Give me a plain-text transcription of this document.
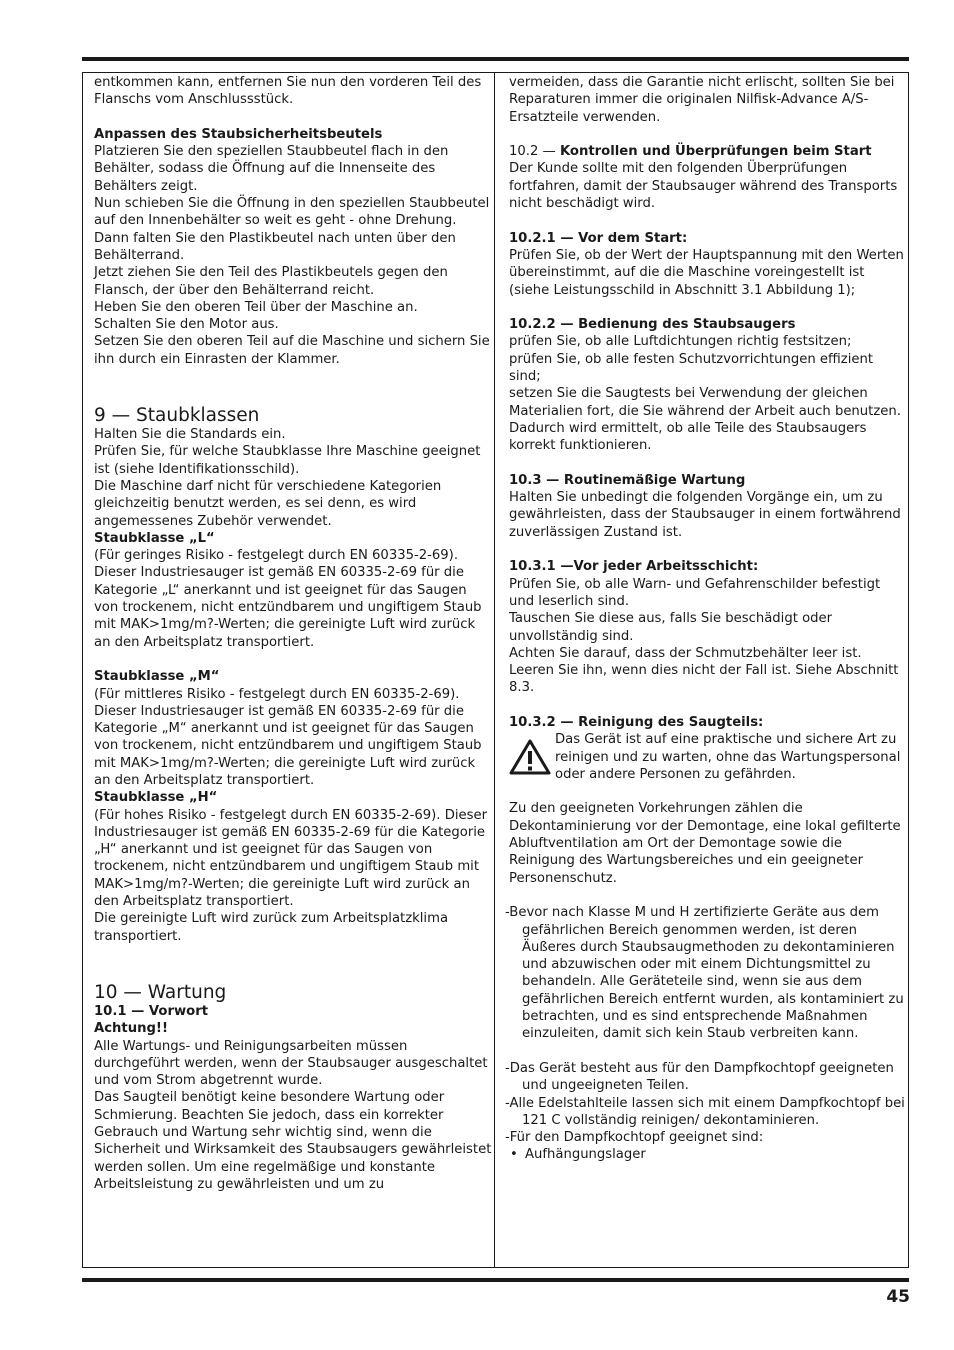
entkommen kann, entfernen Sie nun den vorderen Teil des Flanschs vom Anschlussstück.

Anpassen des Staubsicherheitsbeutels

Platzieren Sie den speziellen Staubbeutel flach in den Behälter, sodass die Öffnung auf die Innenseite des Behälters zeigt.

Nun schieben Sie die Öffnung in den speziellen Staubbeutel auf den Innenbehälter so weit es geht - ohne Drehung.

Dann falten Sie den Plastikbeutel nach unten über den Behälterrand.

Jetzt ziehen Sie den Teil des Plastikbeutels gegen den Flansch, der über den Behälterrand reicht.

Heben Sie den oberen Teil über der Maschine an.

Schalten Sie den Motor aus.

Setzen Sie den oberen Teil auf die Maschine und sichern Sie ihn durch ein Einrasten der Klammer.

9 — Staubklassen

Halten Sie die Standards ein.

Prüfen Sie, für welche Staubklasse Ihre Maschine geeignet ist (siehe Identifikationsschild).

Die Maschine darf nicht für verschiedene Kategorien gleichzeitig benutzt werden, es sei denn, es wird angemessenes Zubehör verwendet.

Staubklasse „L“

(Für geringes Risiko - festgelegt durch EN 60335-2-69). Dieser Industriesauger ist gemäß EN 60335-2-69 für die Kategorie „L“ anerkannt und ist geeignet für das Saugen von trockenem, nicht entzündbarem und ungiftigem Staub mit MAK>1mg/m?-Werten; die gereinigte Luft wird zurück an den Arbeitsplatz transportiert.

Staubklasse „M“

(Für mittleres Risiko - festgelegt durch EN 60335-2-69). Dieser Industriesauger ist gemäß EN 60335-2-69 für die Kategorie „M“ anerkannt und ist geeignet für das Saugen von trockenem, nicht entzündbarem und ungiftigem Staub mit MAK>1mg/m?-Werten; die gereinigte Luft wird zurück an den Arbeitsplatz transportiert.

Staubklasse „H“

(Für hohes Risiko - festgelegt durch EN 60335-2-69). Dieser Industriesauger ist gemäß EN 60335-2-69 für die Kategorie „H“ anerkannt und ist geeignet für das Saugen von trockenem, nicht entzündbarem und ungiftigem Staub mit MAK>1mg/m?-Werten; die gereinigte Luft wird zurück an den Arbeitsplatz transportiert.

Die gereinigte Luft wird zurück zum Arbeitsplatzklima transportiert.

10 — Wartung

10.1 — Vorwort

Achtung!!

Alle Wartungs- und Reinigungsarbeiten müssen durchgeführt werden, wenn der Staubsauger ausgeschaltet und vom Strom abgetrennt wurde.

Das Saugteil benötigt keine besondere Wartung oder Schmierung. Beachten Sie jedoch, dass ein korrekter Gebrauch und Wartung sehr wichtig sind, wenn die Sicherheit und Wirksamkeit des Staubsaugers gewährleistet werden sollen. Um eine regelmäßige und konstante Arbeitsleistung zu gewährleisten und um zu

vermeiden, dass die Garantie nicht erlischt, sollten Sie bei Reparaturen immer die originalen Nilfisk-Advance A/S-Ersatzteile verwenden.

10.2 — Kontrollen und Überprüfungen beim Start

Der Kunde sollte mit den folgenden Überprüfungen fortfahren, damit der Staubsauger während des Transports nicht beschädigt wird.

10.2.1 — Vor dem Start:

Prüfen Sie, ob der Wert der Hauptspannung mit den Werten übereinstimmt, auf die die Maschine voreingestellt ist (siehe Leistungsschild in Abschnitt 3.1 Abbildung 1);

10.2.2 — Bedienung des Staubsaugers

prüfen Sie, ob alle Luftdichtungen richtig festsitzen;

prüfen Sie, ob alle festen Schutzvorrichtungen effizient sind;

setzen Sie die Saugtests bei Verwendung der gleichen Materialien fort, die Sie während der Arbeit auch benutzen.

Dadurch wird ermittelt, ob alle Teile des Staubsaugers korrekt funktionieren.

10.3 — Routinemäßige Wartung

Halten Sie unbedingt die folgenden Vorgänge ein, um zu gewährleisten, dass der Staubsauger in einem fortwährend zuverlässigen Zustand ist.

10.3.1 —Vor jeder Arbeitsschicht:

Prüfen Sie, ob alle Warn- und Gefahrenschilder befestigt und leserlich sind.

Tauschen Sie diese aus, falls Sie beschädigt oder unvollständig sind.

Achten Sie darauf, dass der Schmutzbehälter leer ist. Leeren Sie ihn, wenn dies nicht der Fall ist. Siehe Abschnitt 8.3.

10.3.2 — Reinigung des Saugteils:

Das Gerät ist auf eine praktische und sichere Art zu reinigen und zu warten, ohne das Wartungspersonal oder andere Personen zu gefährden.

Zu den geeigneten Vorkehrungen zählen die Dekontaminierung vor der Demontage, eine lokal gefilterte Abluftventilation am Ort der Demontage sowie die Reinigung des Wartungsbereiches und ein geeigneter Personenschutz.

-Bevor nach Klasse M und H zertifizierte Geräte aus dem gefährlichen Bereich genommen werden, ist deren Äußeres durch Staubsaugmethoden zu dekontaminieren und abzuwischen oder mit einem Dichtungsmittel zu behandeln. Alle Geräteteile sind, wenn sie aus dem gefährlichen Bereich entfernt wurden, als kontaminiert zu betrachten, und es sind entsprechende Maßnahmen einzuleiten, damit sich kein Staub verbreiten kann.

-Das Gerät besteht aus für den Dampfkochtopf geeigneten und ungeeigneten Teilen.

-Alle Edelstahlteile lassen sich mit einem Dampfkochtopf bei 121 C vollständig reinigen/ dekontaminieren.

-Für den Dampfkochtopf geeignet sind:

• Aufhängungslager

45
